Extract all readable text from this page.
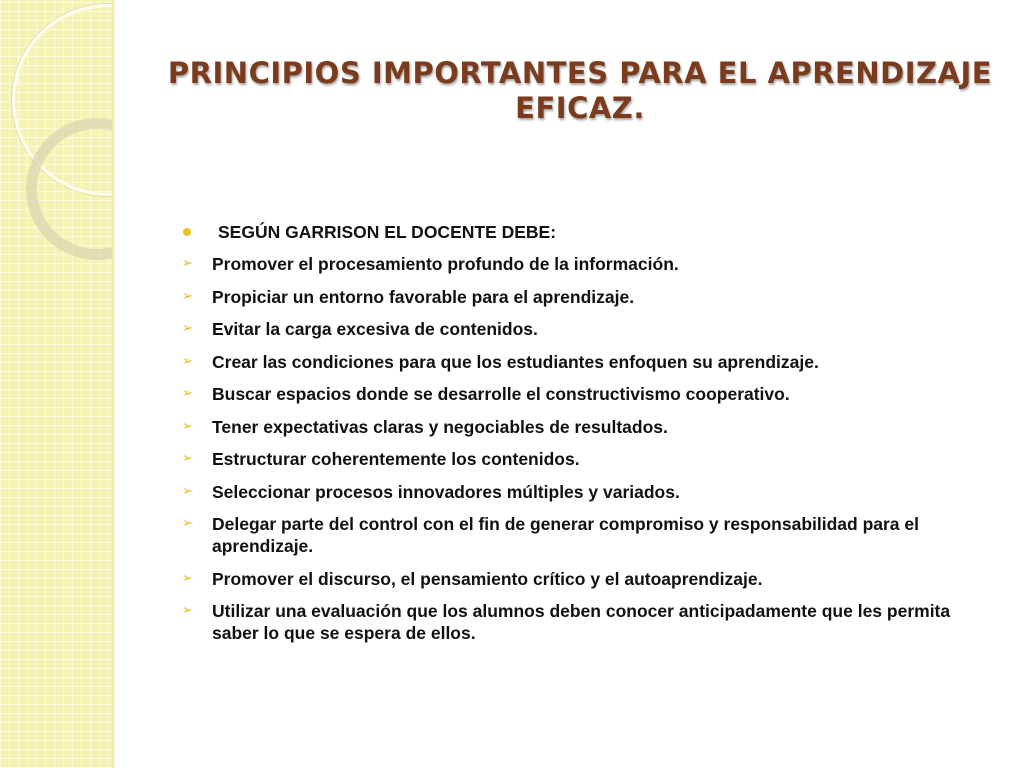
PRINCIPIOS IMPORTANTES PARA EL APRENDIZAJE EFICAZ.
SEGÚN GARRISON EL DOCENTE DEBE:
➢ Promover el procesamiento profundo de la información.
➢ Propiciar un entorno favorable para el aprendizaje.
➢ Evitar la carga excesiva de contenidos.
➢ Crear las condiciones para que los estudiantes enfoquen su aprendizaje.
➢ Buscar espacios donde se desarrolle el constructivismo cooperativo.
➢ Tener expectativas claras y negociables de resultados.
➢ Estructurar coherentemente los contenidos.
➢ Seleccionar procesos innovadores múltiples y variados.
➢ Delegar parte del control con el fin de generar compromiso y responsabilidad para el aprendizaje.
➢ Promover el discurso, el pensamiento crítico y el autoaprendizaje.
➢ Utilizar una evaluación que los alumnos deben conocer anticipadamente que les permita saber lo que se espera de ellos.
